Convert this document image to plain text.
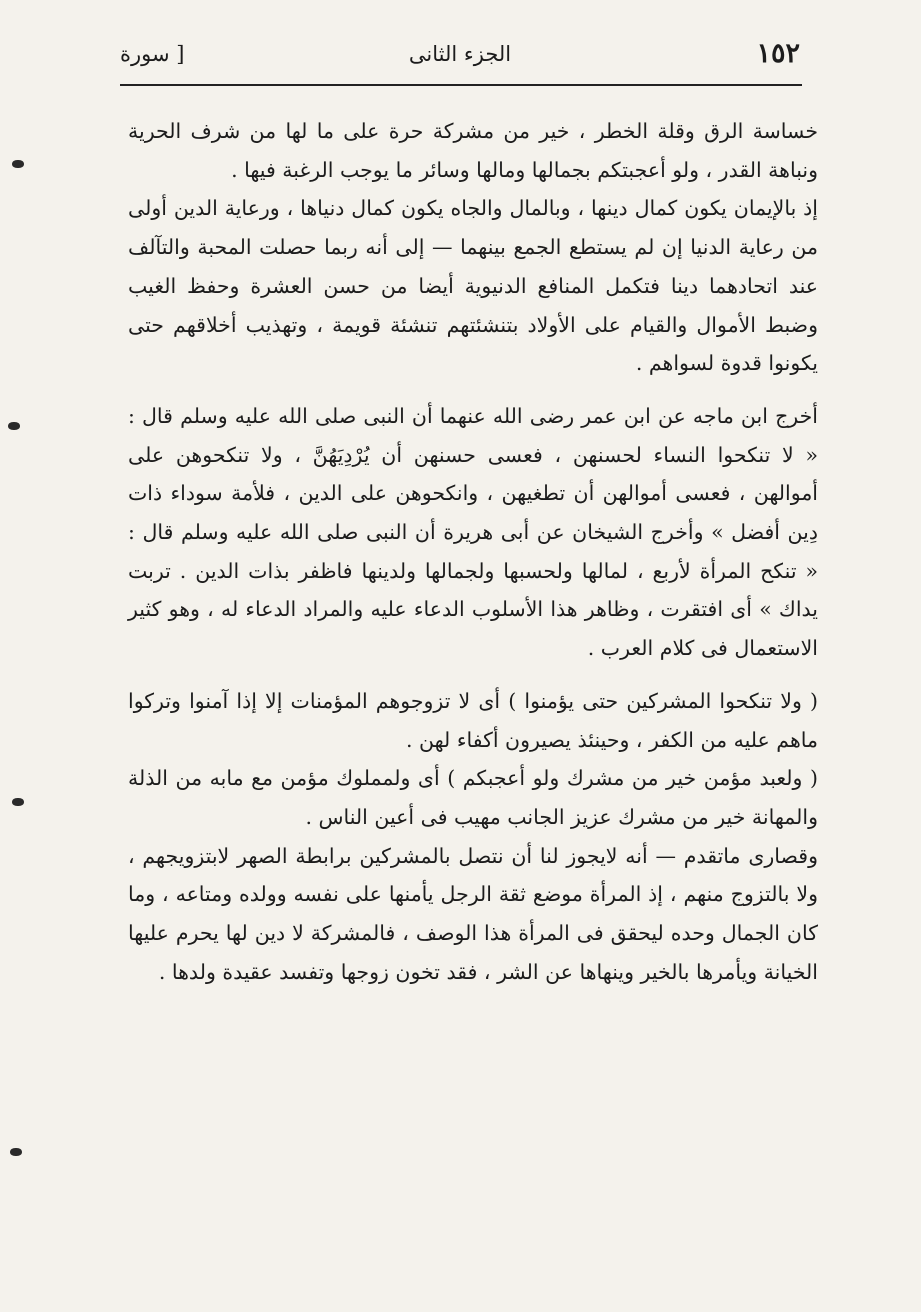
١٥٢
الجزء الثانى
[ سورة

خساسة الرق وقلة الخطر ، خير من مشركة حرة على ما لها من شرف الحرية ونباهة القدر ، ولو أعجبتكم بجمالها ومالها وسائر ما يوجب الرغبة فيها .

إذ بالإيمان يكون كمال دينها ، وبالمال والجاه يكون كمال دنياها ، ورعاية الدين أولى من رعاية الدنيا إن لم يستطع الجمع بينهما — إلى أنه ربما حصلت المحبة والتآلف عند اتحادهما دينا فتكمل المنافع الدنيوية أيضا من حسن العشرة وحفظ الغيب وضبط الأموال والقيام على الأولاد بتنشئتهم تنشئة قويمة ، وتهذيب أخلاقهم حتى يكونوا قدوة لسواهم .

أخرج ابن ماجه عن ابن عمر رضى الله عنهما أن النبى صلى الله عليه وسلم قال : « لا تنكحوا النساء لحسنهن ، فعسى حسنهن أن يُرْدِيَهُنَّ ، ولا تنكحوهن على أموالهن ، فعسى أموالهن أن تطغيهن ، وانكحوهن على الدين ، فلأمة سوداء ذات دِين أفضل » وأخرج الشيخان عن أبى هريرة أن النبى صلى الله عليه وسلم قال : « تنكح المرأة لأربع ، لمالها ولحسبها ولجمالها ولدينها فاظفر بذات الدين . تربت يداك » أى افتقرت ، وظاهر هذا الأسلوب الدعاء عليه والمراد الدعاء له ، وهو كثير الاستعمال فى كلام العرب .

( ولا تنكحوا المشركين حتى يؤمنوا ) أى لا تزوجوهم المؤمنات إلا إذا آمنوا وتركوا ماهم عليه من الكفر ، وحينئذ يصيرون أكفاء لهن .

( ولعبد مؤمن خير من مشرك ولو أعجبكم ) أى ولمملوك مؤمن مع مابه من الذلة والمهانة خير من مشرك عزيز الجانب مهيب فى أعين الناس .

وقصارى ماتقدم — أنه لايجوز لنا أن نتصل بالمشركين برابطة الصهر لابتزويجهم ، ولا بالتزوج منهم ، إذ المرأة موضع ثقة الرجل يأمنها على نفسه وولده ومتاعه ، وما كان الجمال وحده ليحقق فى المرأة هذا الوصف ، فالمشركة لا دين لها يحرم عليها الخيانة ويأمرها بالخير وينهاها عن الشر ، فقد تخون زوجها وتفسد عقيدة ولدها .
